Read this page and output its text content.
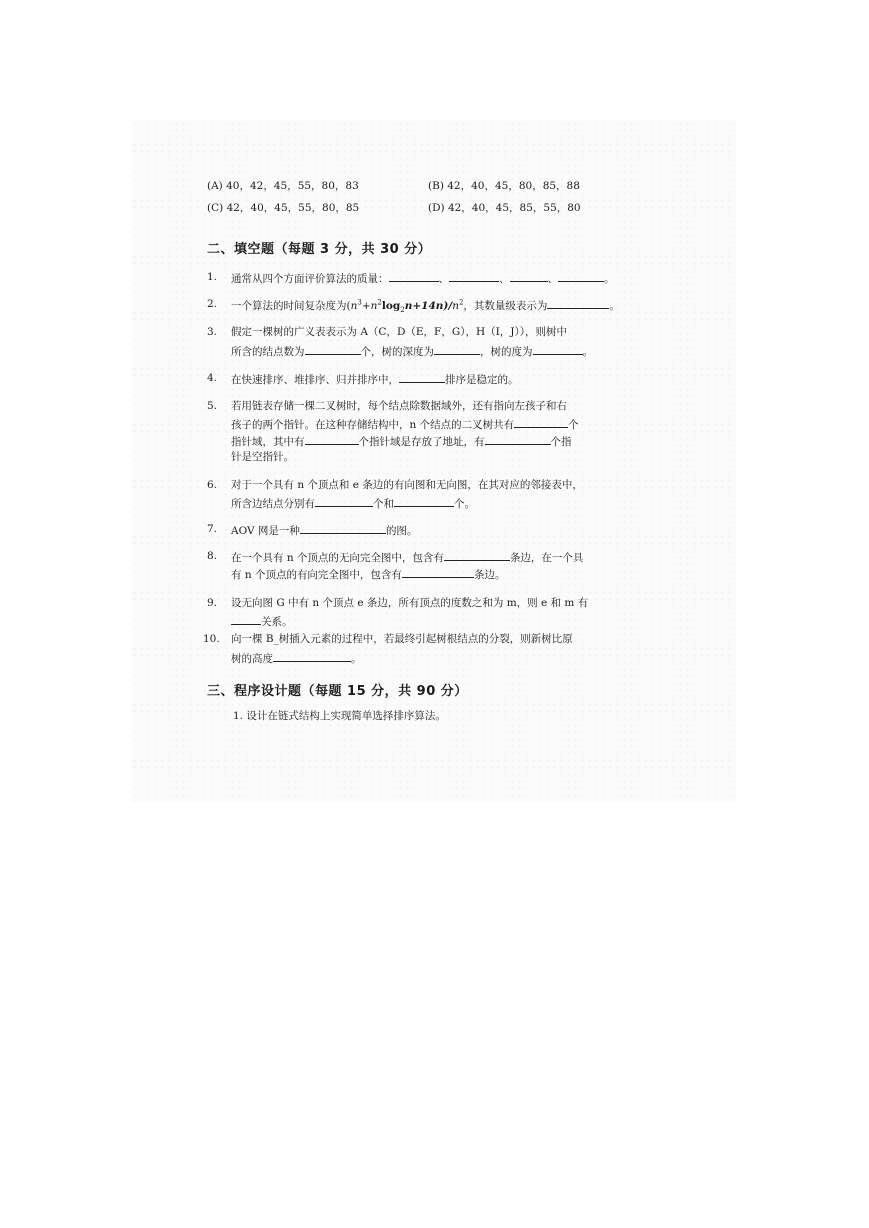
(A) 40，42，45，55，80，83	(B) 42，40，45，80，85，88
(C) 42，40，45，55，80，85	(D) 42，40，45，85，55，80
二、填空题（每题 3 分，共 30 分）
1. 通常从四个方面评价算法的质量：	、	、	、	。
2. 一个算法的时间复杂度为$(n^3+n^2\log_2n+14n)/n^2$，其数量级表示为	。
3. 假定一棵树的广义表表示为 A（C，D（E，F，G），H（I，J）），则树中
所含的结点数为	个，树的深度为	，树的度为	。
4. 在快速排序、堆排序、归并排序中，	排序是稳定的。
5. 若用链表存储一棵二叉树时，每个结点除数据域外，还有指向左孩子和右
孩子的两个指针。在这种存储结构中，n 个结点的二叉树共有	个
指针域，其中有	个指针域是存放了地址，有	个指
针是空指针。
6. 对于一个具有 n 个顶点和 e 条边的有向图和无向图，在其对应的邻接表中，
所含边结点分别有	个和	个。
7. AOV 网是一种	的图。
8. 在一个具有 n 个顶点的无向完全图中，包含有	条边，在一个具
有 n 个顶点的有向完全图中，包含有	条边。
9. 设无向图 G 中有 n 个顶点 e 条边，所有顶点的度数之和为 m，则 e 和 m 有
关系。
10. 向一棵 B_树插入元素的过程中，若最终引起树根结点的分裂，则新树比原
树的高度	。
三、程序设计题（每题 15 分，共 90 分）
1. 设计在链式结构上实现简单选择排序算法。
